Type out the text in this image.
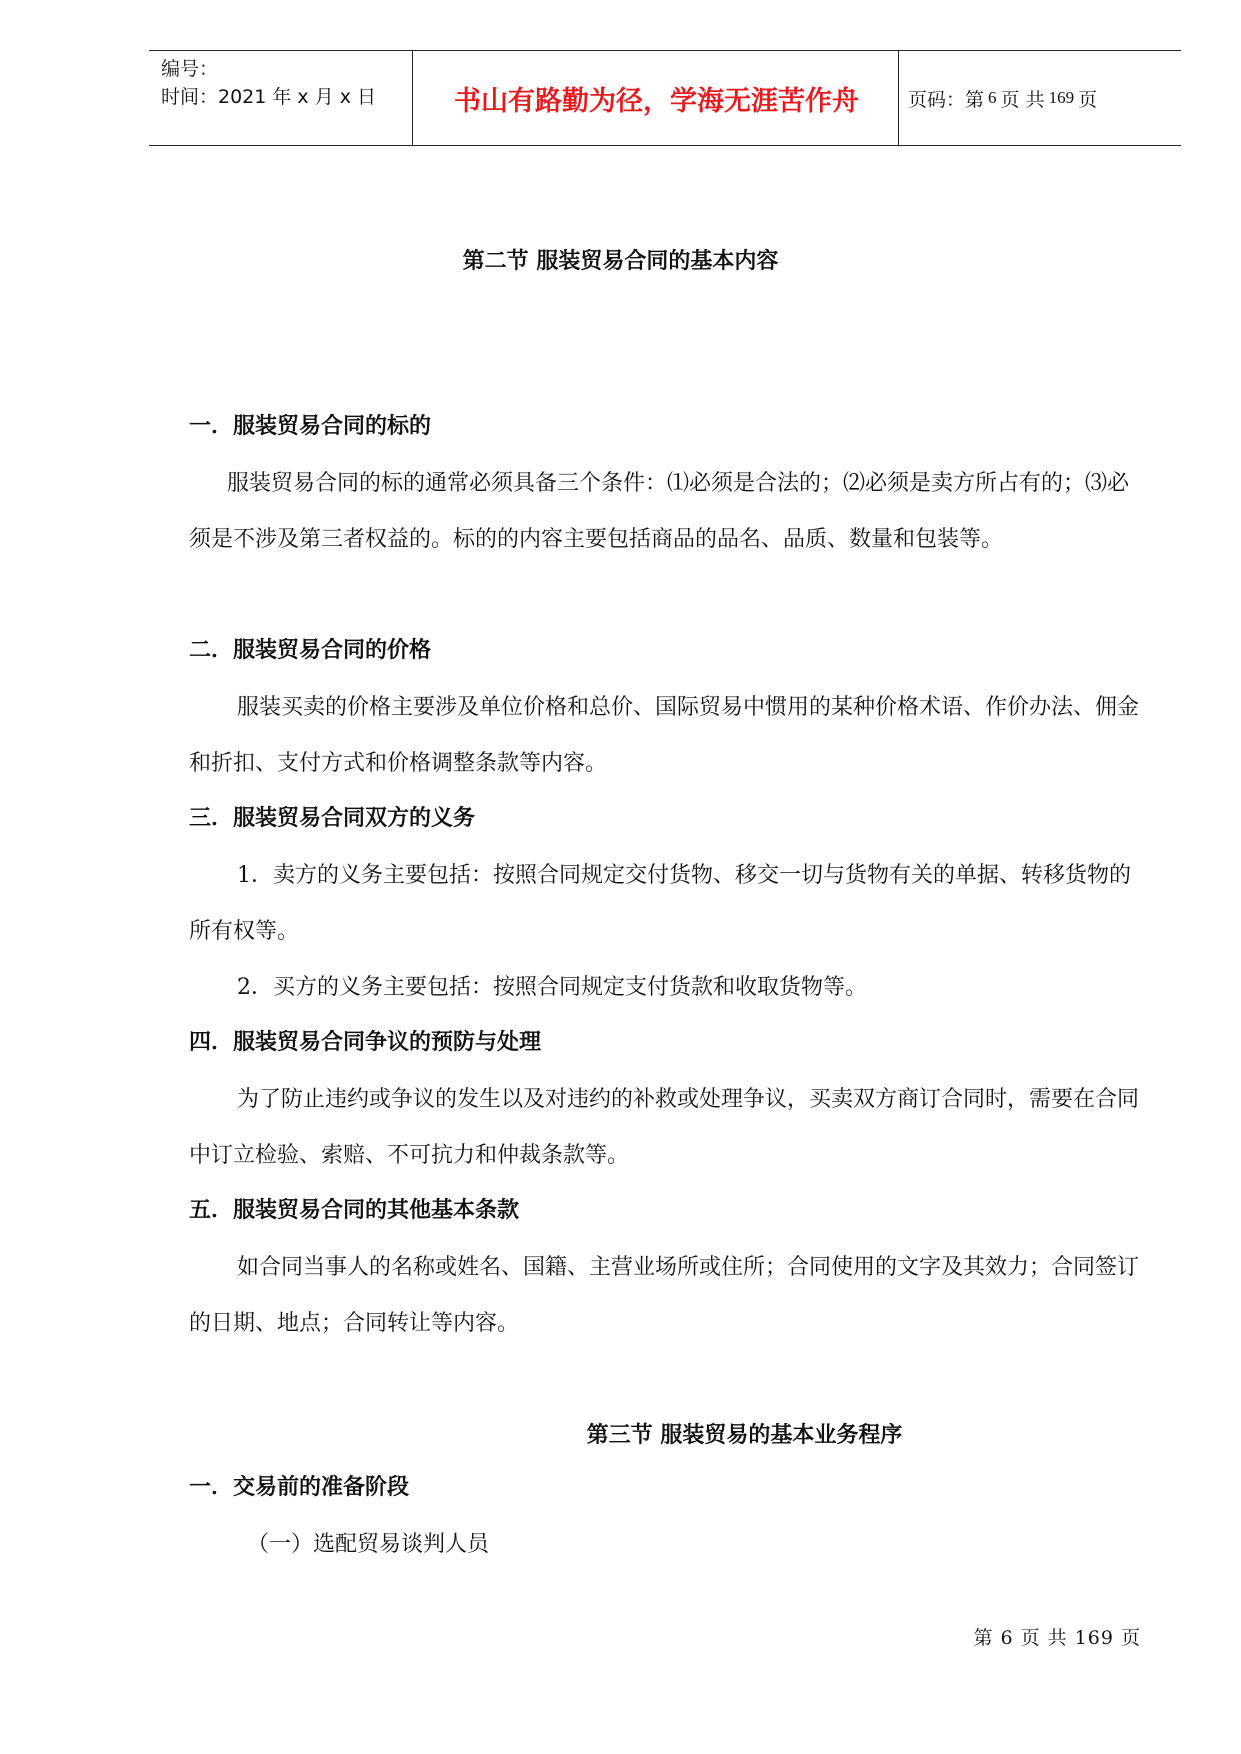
编号：
时间：2021 年 x 月 x 日	书山有路勤为径，学海无涯苦作舟	页码：第 6 页 共 169 页
第二节 服装贸易合同的基本内容
一．服装贸易合同的标的
服装贸易合同的标的通常必须具备三个条件：⑴必须是合法的；⑵必须是卖方所占有的；⑶必须是不涉及第三者权益的。标的的内容主要包括商品的品名、品质、数量和包装等。
二．服装贸易合同的价格
服装买卖的价格主要涉及单位价格和总价、国际贸易中惯用的某种价格术语、作价办法、佣金和折扣、支付方式和价格调整条款等内容。
三．服装贸易合同双方的义务
1．卖方的义务主要包括：按照合同规定交付货物、移交一切与货物有关的单据、转移货物的所有权等。
2．买方的义务主要包括：按照合同规定支付货款和收取货物等。
四．服装贸易合同争议的预防与处理
为了防止违约或争议的发生以及对违约的补救或处理争议，买卖双方商订合同时，需要在合同中订立检验、索赔、不可抗力和仲裁条款等。
五．服装贸易合同的其他基本条款
如合同当事人的名称或姓名、国籍、主营业场所或住所；合同使用的文字及其效力；合同签订的日期、地点；合同转让等内容。
第三节 服装贸易的基本业务程序
一．交易前的准备阶段
（一）选配贸易谈判人员
第 6 页 共 169 页
